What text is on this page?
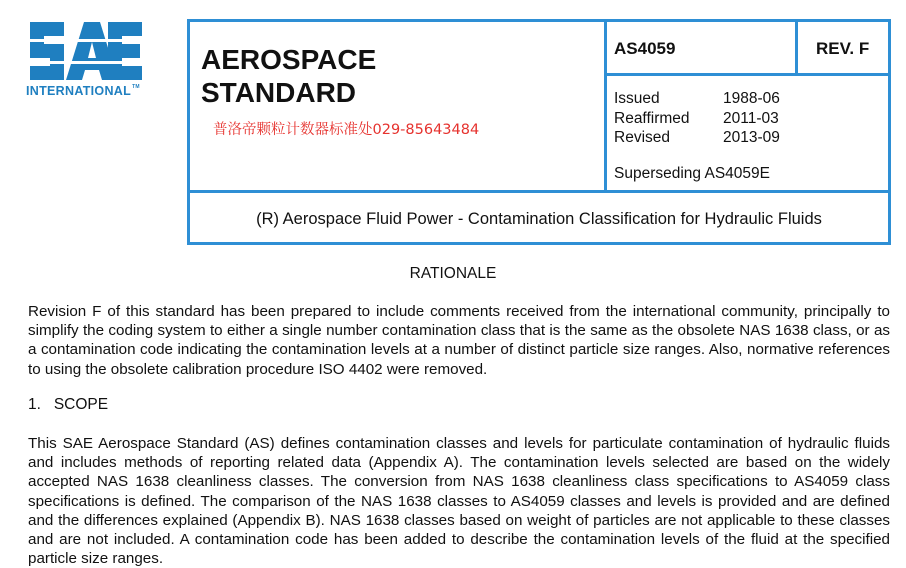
INTERNATIONAL™
AEROSPACE
STANDARD
普洛帝颗粒计数器标准处029-85643484
AS4059	REV. F
Issued	1988-06
Reaffirmed	2011-03
Revised	2013-09
Superseding AS4059E
(R) Aerospace Fluid Power - Contamination Classification for Hydraulic Fluids
RATIONALE

Revision F of this standard has been prepared to include comments received from the international community, principally to simplify the coding system to either a single number contamination class that is the same as the obsolete NAS 1638 class, or as a contamination code indicating the contamination levels at a number of distinct particle size ranges. Also, normative references to using the obsolete calibration procedure ISO 4402 were removed.

1.   SCOPE

This SAE Aerospace Standard (AS) defines contamination classes and levels for particulate contamination of hydraulic fluids and includes methods of reporting related data (Appendix A). The contamination levels selected are based on the widely accepted NAS 1638 cleanliness classes. The conversion from NAS 1638 cleanliness class specifications to AS4059 class specifications is defined. The comparison of the NAS 1638 classes to AS4059 classes and levels is provided and are defined and the differences explained (Appendix B). NAS 1638 classes based on weight of particles are not applicable to these classes and are not included. A contamination code has been added to describe the contamination levels of the fluid at the specified particle size ranges.
